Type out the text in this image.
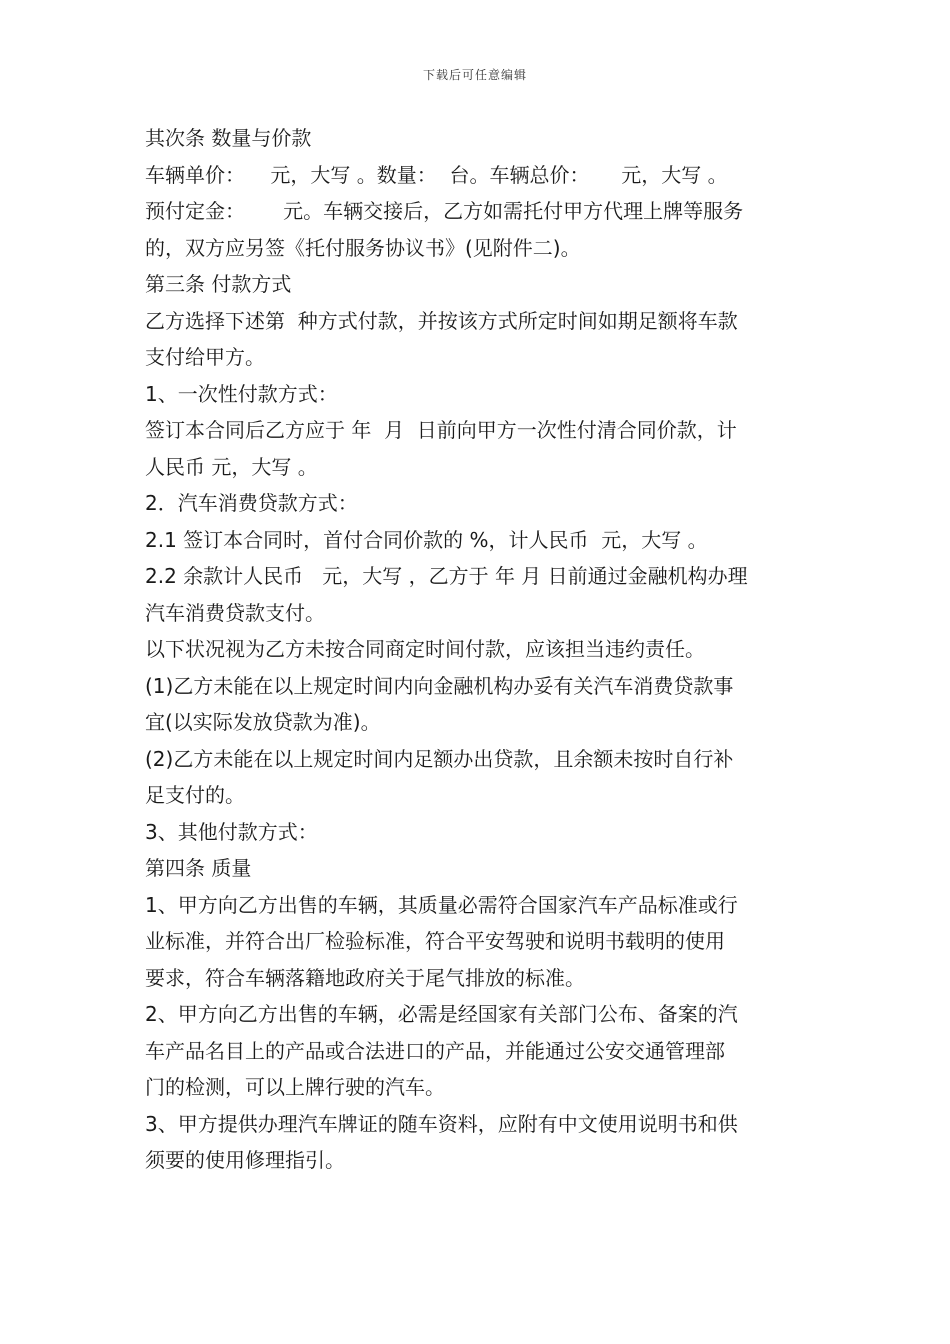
下载后可任意编辑
其次条 数量与价款
车辆单价：    元，大写 。数量：  台。车辆总价：     元，大写 。
预付定金：      元。车辆交接后，乙方如需托付甲方代理上牌等服务
的，双方应另签《托付服务协议书》(见附件二)。
第三条 付款方式
乙方选择下述第  种方式付款，并按该方式所定时间如期足额将车款
支付给甲方。
1、一次性付款方式：
签订本合同后乙方应于 年  月  日前向甲方一次性付清合同价款，计
人民币 元，大写 。
2．汽车消费贷款方式：
2.1 签订本合同时，首付合同价款的 %，计人民币  元，大写 。
2.2 余款计人民币   元，大写 ，乙方于 年 月 日前通过金融机构办理
汽车消费贷款支付。
以下状况视为乙方未按合同商定时间付款，应该担当违约责任。
(1)乙方未能在以上规定时间内向金融机构办妥有关汽车消费贷款事
宜(以实际发放贷款为准)。
(2)乙方未能在以上规定时间内足额办出贷款，且余额未按时自行补
足支付的。
3、其他付款方式：
第四条 质量
1、甲方向乙方出售的车辆，其质量必需符合国家汽车产品标准或行
业标准，并符合出厂检验标准，符合平安驾驶和说明书载明的使用
要求，符合车辆落籍地政府关于尾气排放的标准。
2、甲方向乙方出售的车辆，必需是经国家有关部门公布、备案的汽
车产品名目上的产品或合法进口的产品，并能通过公安交通管理部
门的检测，可以上牌行驶的汽车。
3、甲方提供办理汽车牌证的随车资料，应附有中文使用说明书和供
须要的使用修理指引。
